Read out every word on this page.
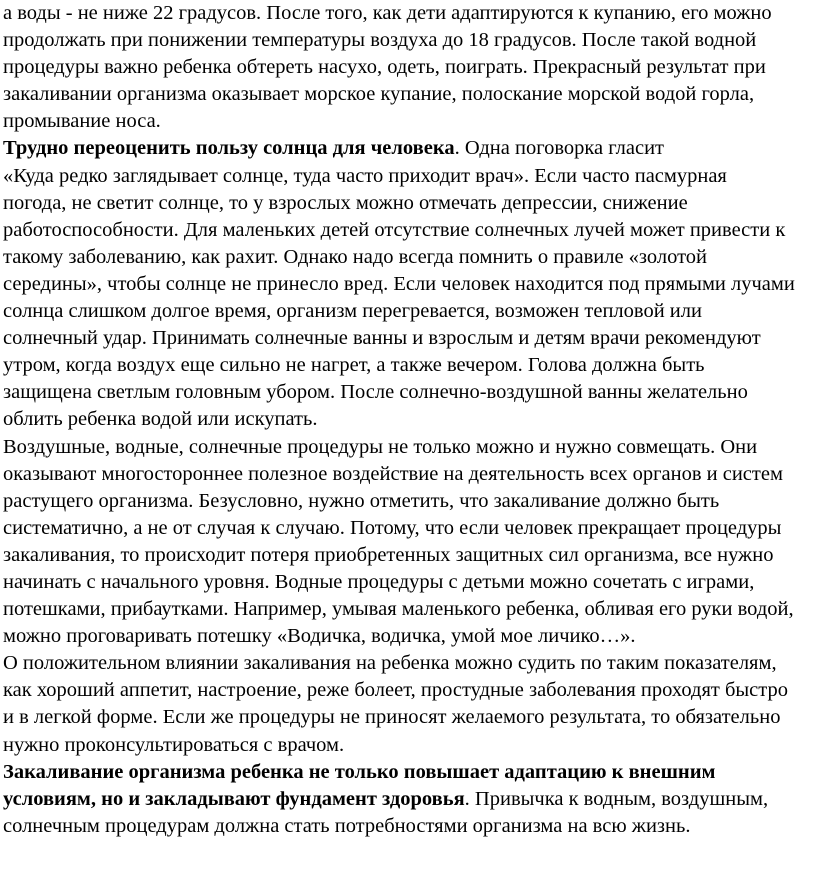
а воды - не ниже 22 градусов. После того, как дети адаптируются к купанию, его можно
продолжать при понижении температуры воздуха до 18 градусов. После такой водной
процедуры важно ребенка обтереть насухо, одеть, поиграть. Прекрасный результат при
закаливании организма оказывает морское купание, полоскание морской водой горла,
промывание носа.
Трудно переоценить пользу солнца для человека. Одна поговорка гласит
«Куда редко заглядывает солнце, туда часто приходит врач». Если часто пасмурная
погода, не светит солнце, то у взрослых можно отмечать депрессии, снижение
работоспособности. Для маленьких детей отсутствие солнечных лучей может привести к
такому заболеванию, как рахит. Однако надо всегда помнить о правиле «золотой
середины», чтобы солнце не принесло вред. Если человек находится под прямыми лучами
солнца слишком долгое время, организм перегревается, возможен тепловой или
солнечный удар. Принимать солнечные ванны и взрослым и детям врачи рекомендуют
утром, когда воздух еще сильно не нагрет, а также вечером. Голова должна быть
защищена светлым головным убором. После солнечно-воздушной ванны желательно
облить ребенка водой или искупать.
Воздушные, водные, солнечные процедуры не только можно и нужно совмещать. Они
оказывают многостороннее полезное воздействие на деятельность всех органов и систем
растущего организма. Безусловно, нужно отметить, что закаливание должно быть
систематично, а не от случая к случаю. Потому, что если человек прекращает процедуры
закаливания, то происходит потеря приобретенных защитных сил организма, все нужно
начинать с начального уровня. Водные процедуры с детьми можно сочетать с играми,
потешками, прибаутками. Например, умывая маленького ребенка, обливая его руки водой,
можно проговаривать потешку «Водичка, водичка, умой мое личико…».
О положительном влиянии закаливания на ребенка можно судить по таким показателям,
как хороший аппетит, настроение, реже болеет, простудные заболевания проходят быстро
и в легкой форме. Если же процедуры не приносят желаемого результата, то обязательно
нужно проконсультироваться с врачом.
Закаливание организма ребенка не только повышает адаптацию к внешним
условиям, но и закладывают фундамент здоровья. Привычка к водным, воздушным,
солнечным процедурам должна стать потребностями организма на всю жизнь.
